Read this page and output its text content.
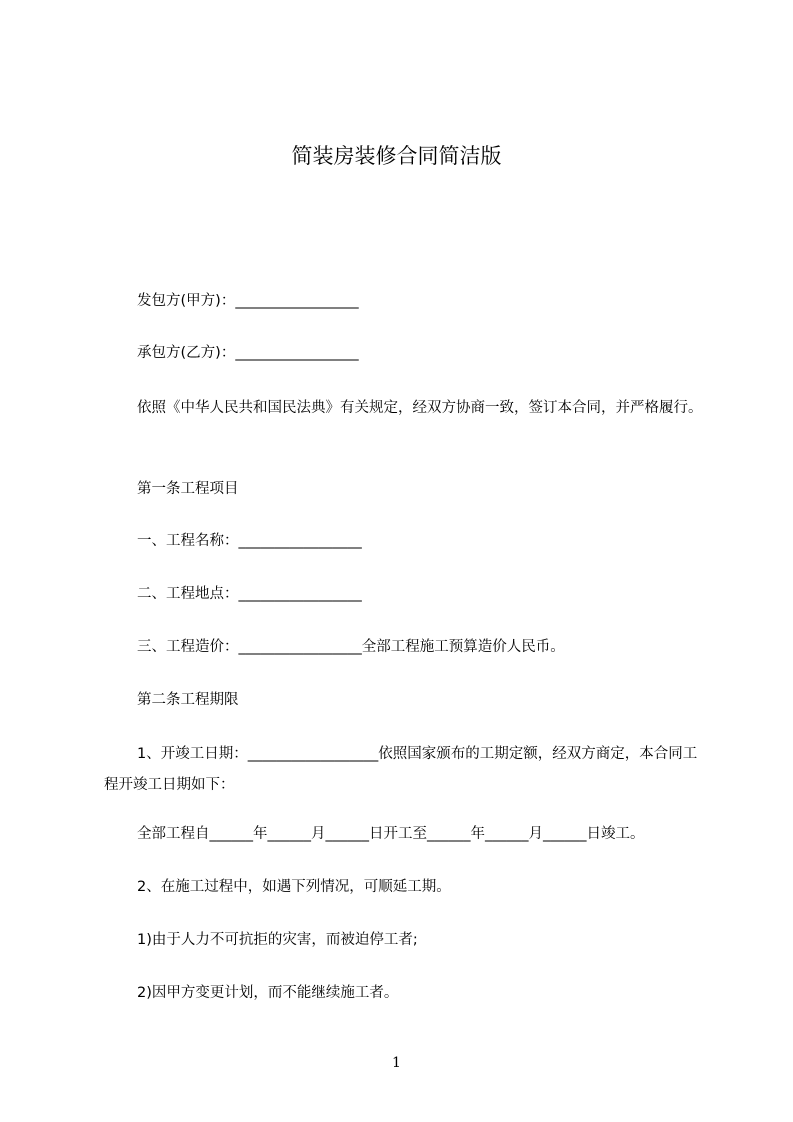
简装房装修合同简洁版
发包方(甲方)：_________________
承包方(乙方)：_________________
依照《中华人民共和国民法典》有关规定，经双方协商一致，签订本合同，并严格履行。
第一条工程项目
一、工程名称：_________________
二、工程地点：_________________
三、工程造价：_________________全部工程施工预算造价人民币。
第二条工程期限
1、开竣工日期：__________________依照国家颁布的工期定额，经双方商定，本合同工程开竣工日期如下：
全部工程自______年______月______日开工至______年______月______日竣工。
2、在施工过程中，如遇下列情况，可顺延工期。
1)由于人力不可抗拒的灾害，而被迫停工者;
2)因甲方变更计划，而不能继续施工者。
1
